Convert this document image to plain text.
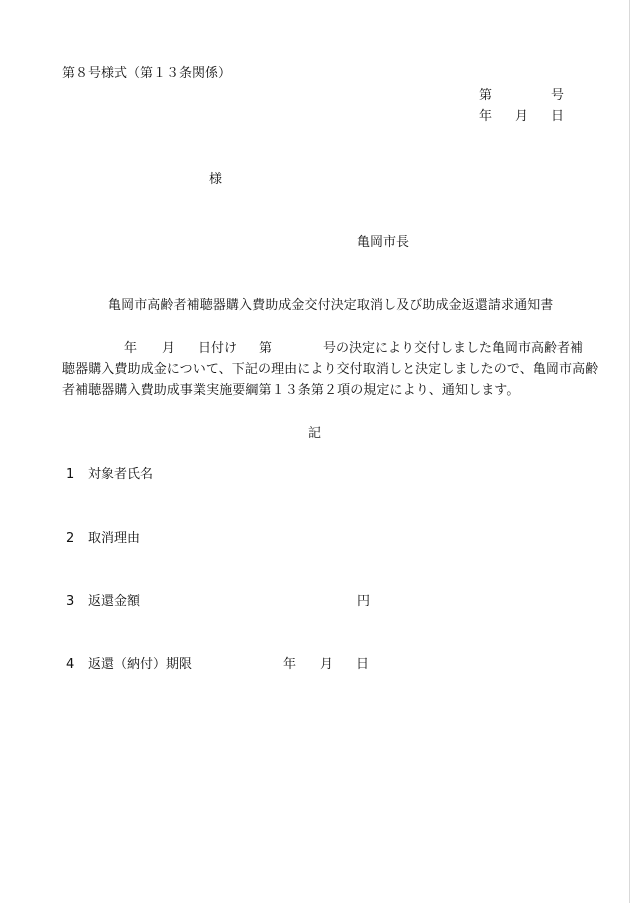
第８号様式（第１３条関係）
第	号
年 月 日
様
亀岡市長
亀岡市高齢者補聴器購入費助成金交付決定取消し及び助成金返還請求通知書
年 月 日付け 第	号の決定により交付しました亀岡市高齢者補
聴器購入費助成金について、下記の理由により交付取消しと決定しましたので、亀岡市高齢
者補聴器購入費助成事業実施要綱第１３条第２項の規定により、通知します。
記
1 対象者氏名
2 取消理由
3 返還金額	円
4 返還（納付）期限	年 月 日
